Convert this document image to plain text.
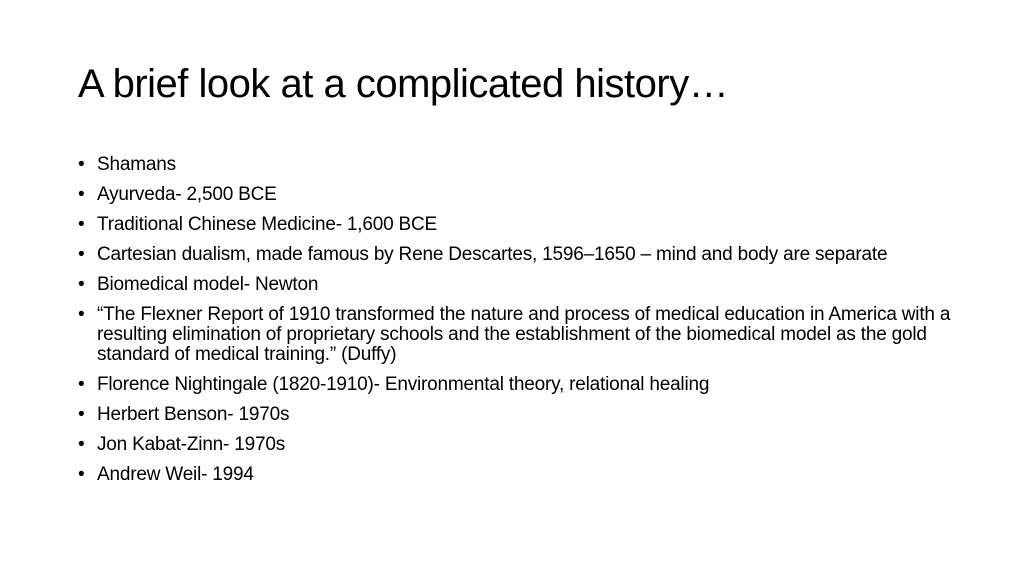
A brief look at a complicated history…
• Shamans
• Ayurveda- 2,500 BCE
• Traditional Chinese Medicine- 1,600 BCE
• Cartesian dualism, made famous by Rene Descartes, 1596–1650 – mind and body are separate
• Biomedical model- Newton
• “The Flexner Report of 1910 transformed the nature and process of medical education in America with a resulting elimination of proprietary schools and the establishment of the biomedical model as the gold standard of medical training.” (Duffy)
• Florence Nightingale (1820-1910)- Environmental theory, relational healing
• Herbert Benson- 1970s
• Jon Kabat-Zinn- 1970s
• Andrew Weil- 1994
